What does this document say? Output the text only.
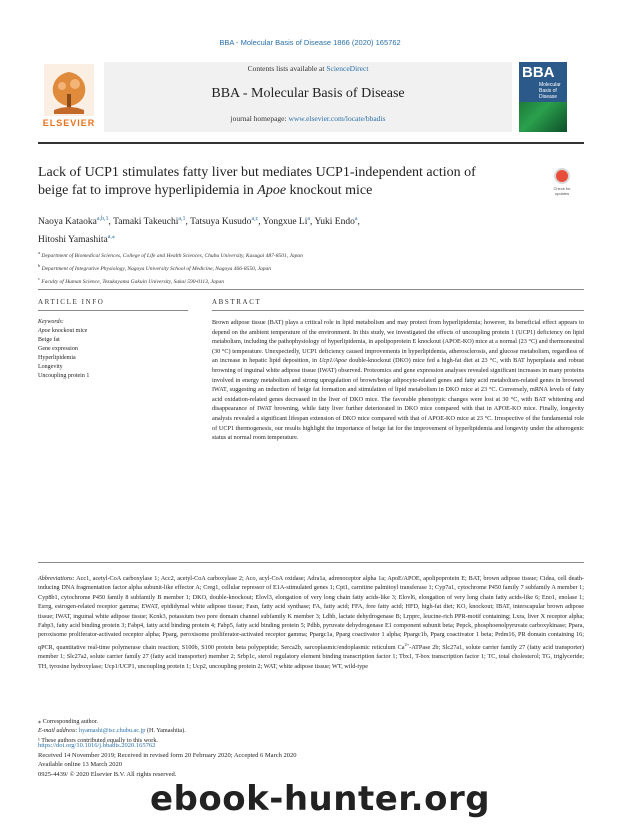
BBA - Molecular Basis of Disease 1866 (2020) 165762
ELSEVIER
Contents lists available at ScienceDirect
BBA - Molecular Basis of Disease
journal homepage: www.elsevier.com/locate/bbadis
BBA
Molecular Basis of Disease
Lack of UCP1 stimulates fatty liver but mediates UCP1-independent action of beige fat to improve hyperlipidemia in Apoe knockout mice	Check for updates
Naoya Kataoka$^{a,b,1}$, Tamaki Takeuchi$^{a,1}$, Tatsuya Kusudo$^{a,c}$, Yongxue Li$^a$, Yuki Endo$^a$,
Hitoshi Yamashita$^{a,⁎}$
$^a$ Department of Biomedical Sciences, College of Life and Health Sciences, Chubu University, Kasugai 487-8501, Japan
$^b$ Department of Integrative Physiology, Nagoya University School of Medicine, Nagoya 466-8550, Japan
$^c$ Faculty of Human Science, Tezukayama Gakuin University, Sakai 590-0113, Japan
ARTICLE INFO	ABSTRACT
Keywords:
Apoe knockout mice
Beige fat
Gene expression
Hyperlipidemia
Longevity
Uncoupling protein 1
Brown adipose tissue (BAT) plays a critical role in lipid metabolism and may protect from hyperlipidemia; however, its beneficial effect appears to depend on the ambient temperature of the environment. In this study, we investigated the effects of uncoupling protein 1 (UCP1) deficiency on lipid metabolism, including the pathophysiology of hyperlipidemia, in apolipoprotein E knockout (APOE-KO) mice at a normal (23 °C) and thermoneutral (30 °C) temperature. Unexpectedly, UCP1 deficiency caused improvements in hyperlipidemia, atherosclerosis, and glucose metabolism, regardless of an increase in hepatic lipid deposition, in Ucp1/Apoe double-knockout (DKO) mice fed a high-fat diet at 23 °C, with BAT hyperplasia and robust browning of inguinal white adipose tissue (IWAT) observed. Proteomics and gene expression analyses revealed significant increases in many proteins involved in energy metabolism and strong upregulation of brown/beige adipocyte-related genes and fatty acid metabolism-related genes in browned IWAT, suggesting an induction of beige fat formation and stimulation of lipid metabolism in DKO mice at 23 °C. Conversely, mRNA levels of fatty acid oxidation-related genes decreased in the liver of DKO mice. The favorable phenotypic changes were lost at 30 °C, with BAT whitening and disappearance of IWAT browning, while fatty liver further deteriorated in DKO mice compared with that in APOE-KO mice. Finally, longevity analysis revealed a significant lifespan extension of DKO mice compared with that of APOE-KO mice at 23 °C. Irrespective of the fundamental role of UCP1 thermogenesis, our results highlight the importance of beige fat for the improvement of hyperlipidemia and longevity under the atherogenic status at normal room temperature.
Abbreviations: Acc1, acetyl-CoA carboxylase 1; Acc2, acetyl-CoA carboxylase 2; Aco, acyl-CoA oxidase; Adra1a, adrenoceptor alpha 1a; ApoE/APOE, apolipoprotein E; BAT, brown adipose tissue; Cidea, cell death-inducing DNA fragmentation factor alpha subunit-like effector A; Creg1, cellular repressor of E1A-stimulated genes 1; Cpt1, carnitine palmitoyl transferase 1; Cyp7a1, cytochrome P450 family 7 subfamily A member 1; Cyp8b1, cytochrome P450 family 8 subfamily B member 1; DKO, double-knockout; Elovl3, elongation of very long chain fatty acids-like 3; Elovl6, elongation of very long chain fatty acids-like 6; Eno1, enolase 1; Esrrg, estrogen-related receptor gamma; EWAT, epididymal white adipose tissue; Fasn, fatty acid synthase; FA, fatty acid; FFA, free fatty acid; HFD, high-fat diet; KO, knockout; IBAT, interscapular brown adipose tissue; IWAT, inguinal white adipose tissue; Kcnk3, potassium two pore domain channel subfamily K member 3; Ldhb, lactate dehydrogenase B; Lrpprc, leucine-rich PPR-motif containing; Lxra, liver X receptor alpha; Fabp3, fatty acid binding protein 3; Fabp4, fatty acid binding protein 4; Fabp5, fatty acid binding protein 5; Pdhb, pyruvate dehydrogenase E1 component subunit beta; Pepck, phosphoenolpyruvate carboxykinase; Ppara, peroxisome proliferator-activated receptor alpha; Pparg, peroxisome proliferator-activated receptor gamma; Ppargc1a, Pparg coactivator 1 alpha; Ppargc1b, Pparg coactivator 1 beta; Prdm16, PR domain containing 16; qPCR, quantitative real-time polymerase chain reaction; S100b, S100 protein beta polypeptide; Serca2b, sarcoplasmic/endoplasmic reticulum $Ca^{2+}$-ATPase 2b; Slc27a1, solute carrier family 27 (fatty acid transporter) member 1; Slc27a2, solute carrier family 27 (fatty acid transporter) member 2; Srbp1c, sterol regulatory element binding transcription factor 1; Tbx1, T-box transcription factor 1; TC, total cholesterol; TG, triglyceride; TH, tyrosine hydroxylase; Ucp1/UCP1, uncoupling protein 1; Ucp2, uncoupling protein 2; WAT, white adipose tissue; WT, wild-type
⁎ Corresponding author.
E-mail address: hyamashi@isc.chubu.ac.jp (H. Yamashita).
¹ These authors contributed equally to this work.
https://doi.org/10.1016/j.bbadis.2020.165762
Received 14 November 2019; Received in revised form 20 February 2020; Accepted 6 March 2020
Available online 13 March 2020
0925-4439/ © 2020 Elsevier B.V. All rights reserved.
ebook-hunter.org
